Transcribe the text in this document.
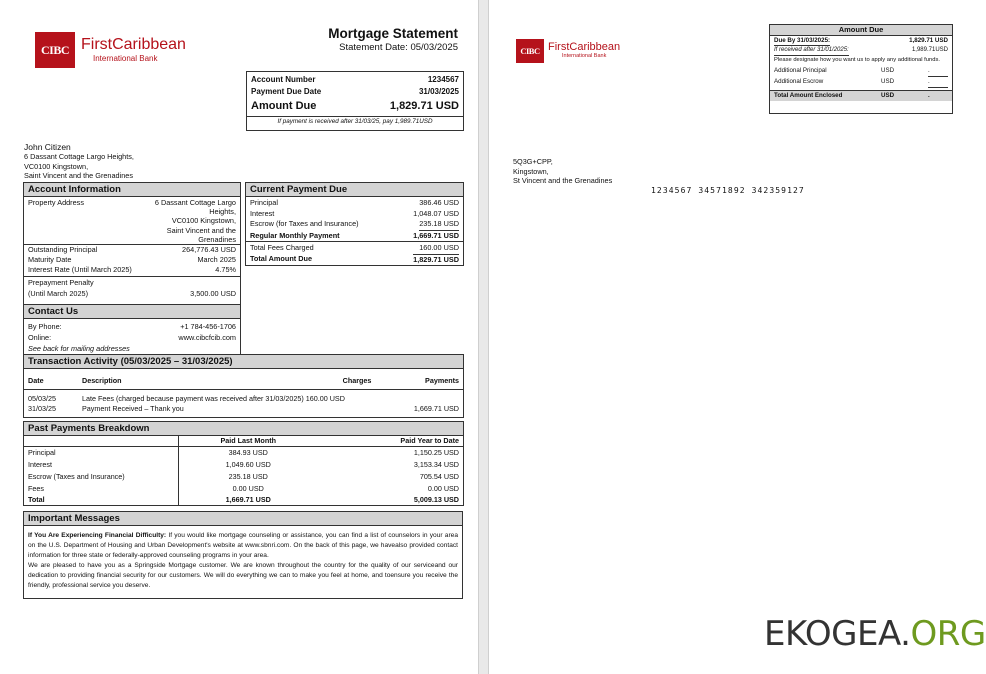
CIBC FirstCaribbean
International Bank
Mortgage Statement
Statement Date: 05/03/2025
Account Number	1234567
Payment Due Date	31/03/2025
Amount Due	1,829.71 USD
If payment is received after 31/03/25, pay 1,989.71USD
John Citizen
6 Dassant Cottage Largo Heights,
VC0100 Kingstown,
Saint Vincent and the Grenadines
Account Information
Property Address	6 Dassant Cottage Largo
Heights,
VC0100 Kingstown,
Saint Vincent and the
Grenadines
Outstanding Principal	264,776.43 USD
Maturity Date	March 2025
Interest Rate (Until March 2025)	4.75%
Prepayment Penalty
(Until March 2025)	3,500.00 USD
Current Payment Due
Principal	386.46 USD
Interest	1,048.07 USD
Escrow (for Taxes and Insurance)	235.18 USD
Regular Monthly Payment	1,669.71 USD
Total Fees Charged	160.00 USD
Total Amount Due	1,829.71 USD
Contact Us
By Phone:	+1 784-456-1706
Online:	www.cibcfcib.com
See back for mailing addresses
Transaction Activity (05/03/2025 – 31/03/2025)
Date	Description	Charges	Payments

05/03/25	Late Fees (charged because payment was received after 31/03/2025) 160.00 USD		
31/03/25	Payment Received – Thank you		1,669.71 USD
Past Payments Breakdown
	Paid Last Month	Paid Year to Date
Principal	384.93 USD	1,150.25 USD
Interest	1,049.60 USD	3,153.34 USD
Escrow (Taxes and Insurance)	235.18 USD	705.54 USD
Fees	0.00 USD	0.00 USD
Total	1,669.71 USD	5,009.13 USD
Important Messages
If You Are Experiencing Financial Difficulty: If you would like mortgage counseling or assistance, you can find a list of counselors in your area on the U.S. Department of Housing and Urban Development's website at www.sbnri.com. On the back of this page, we havealso provided contact information for three state or federally-approved counseling programs in your area.
We are pleased to have you as a Springside Mortgage customer. We are known throughout the country for the quality of our serviceand our dedication to providing financial security for our customers. We will do everything we can to make you feel at home, and toensure you receive the friendly, professional service you deserve.
CIBC FirstCaribbean
International Bank
Amount Due
Due By 31/03/2025:	1,829.71 USD
If received after 31/01/2025:	1,989.71USD
Please designate how you want us to apply any additional funds.
Additional Principal	USD	.
Additional Escrow	USD	.
Total Amount Enclosed	USD	.
5Q3G+CPP,
Kingstown,
St Vincent and the Grenadines
1234567 34571892 342359127
EKOGEA.ORG
